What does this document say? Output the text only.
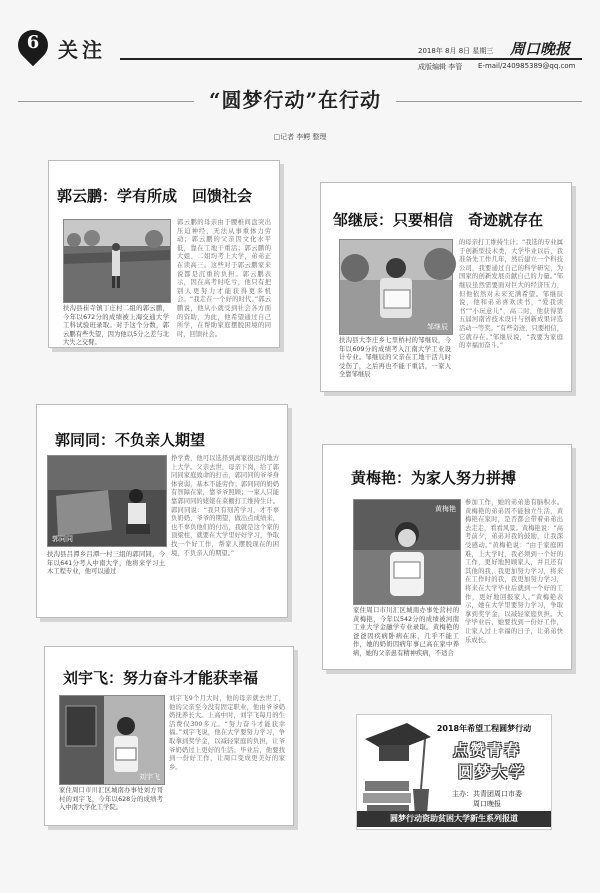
6 关注	2018年 8月 8日 星期三 周口晚报
成版编辑 李管 E-mail/240985389@qq.com
“圆梦行动”在行动
□记者 李鳄 整理
郭云鹏：学有所成　回馈社会
扶沟县崔寺镇丁庄村二组的郭云鹏，今年以672分的成绩被上海交通大学工科试验班录取。对于这个分数，郭云鹏有些失望，因为他以5分之差与北大失之交臂。
郭云鹏的母亲由于腰椎间盘突出压迫神经，无法从事重体力劳动；郭云鹏的父亲因文化水平低，靠在工地干重活；郭云鹏的大姐、二姐均考上大学，弟弟正在读高三。这些对于郭云鹏家来说都是沉重的负担。郭云鹏表示，因在高考时吃亏，他只有把别人更努力才能获得更多机会。“我走在一个好的时代。”郭云鹏说，他从小就受到社会各方面的资助，为此，他希望通过自己所学，在帮助家庭摆脱困境的同时，回馈社会。
邹继辰：只要相信　奇迹就存在
邹继辰
扶沟县大李庄乡七里桥村的邹继辰，今年以609分的成绩考入江南大学工业设计专业。邹继辰的父亲在工地干活儿时受伤了，之后再也不能干重活，一家人全靠邹继辰
的母亲打工维持生计。“我选的专业属于创新型技术类，大学毕业以后，我准备先工作几年，然后建立一个科技公司，我要通过自己的科学研究，为国家的创新发展贡献自己的力量。”邹继辰虽然需要面对巨大的经济压力，但他依然对未来充满希望。邹继辰说，他和弟弟喜欢读书，“爱我读书”“小玩意儿”，高二时，他获得第五届河南省技术设计与创新成果评选活动一等奖。“有些奇迹，只要相信，它就存在。”邹继辰说，“我要为家庭的幸福而奋斗。”
郭同同：不负亲人期望
郭同同
扶沟县吕潭乡吕潭一村三组的郭同同，今年以641分考入中南大学，他将来学习土木工程专业，他可以通过
挣学费，他可以选择到离家很远的地方上大学。父亲去世，母亲下岗，给了郭同同家庭致命的打击，郭同同的爷爷身体衰弱，基本不能劳作；郭同同的奶奶有智障在家，靠爷爷照顾；一家人只能靠郭同同的姥姥在菜棚打工维持生计。郭同同说：“我只有刻苦学习，才不辜负奶奶、爷爷的期望，做出点成绩来，也不辜负他们的付出，我就是这个家的顶梁柱，就要在大学里好好学习，争取找一个好工作，帮家人摆脱现在的困境，不负亲人的期望。”
黄梅艳：为家人努力拼搏
黄梅艳
家住周口市川汇区城南办事处营村的黄梅艳，今年以542分的成绩被河南工业大学金融学专业录取。黄梅艳的爸爸因疾病卧病在床，几乎不能工作，她的奶奶因病年事已高在家中养病，她的父亲患有精神疾病，不适合
参加工作，她的弟弟患有脑积水。黄梅艳的弟弟因不能独立生活，黄梅艳在家时，是否都会带着弟弟出去走走，看看风景。黄梅艳说：“高考前夕，弟弟对我的鼓励，让我深受感动。”黄梅艳说：“由于家庭困难，上大学时，我必须到一个好的工作，更好地照顾家人，并且还有其他的我，我更加努力学习，将来在工作时的我，我更加努力学习，将来在大学毕业后就到一个好的工作，更好地回报家人。”黄梅艳表示，她在大学里要努力学习，争取拿到奖学金，以减轻家庭负担。大学毕业后，她要找到一份好工作，让家人过上幸福的日子，让弟弟快乐成长。
刘宇飞：努力奋斗才能获幸福
刘宇飞
家住周口市川汇区城南办事处刘方哥村的刘宇飞，今年以628分的成绩考入中南大学化工学院。
刘宇飞9个月大时，他的母亲就去世了，他的父亲至今没有固定职业，他由爷爷奶奶抚养长大。上高中时，刘宇飞每月的生活费仅300多元。“努力奋斗才能获幸福。”刘宇飞说，他在大学要努力学习，争取拿到奖学金，以减轻家庭的负担，让爷爷奶奶过上更好的生活。毕业后，他要找到一份好工作，让周口变成更美好的家乡。
2018年希望工程圆梦行动
点赞青春
圆梦大学
主办：共青团周口市委
周口晚报
圆梦行动资助贫困大学新生系列报道
